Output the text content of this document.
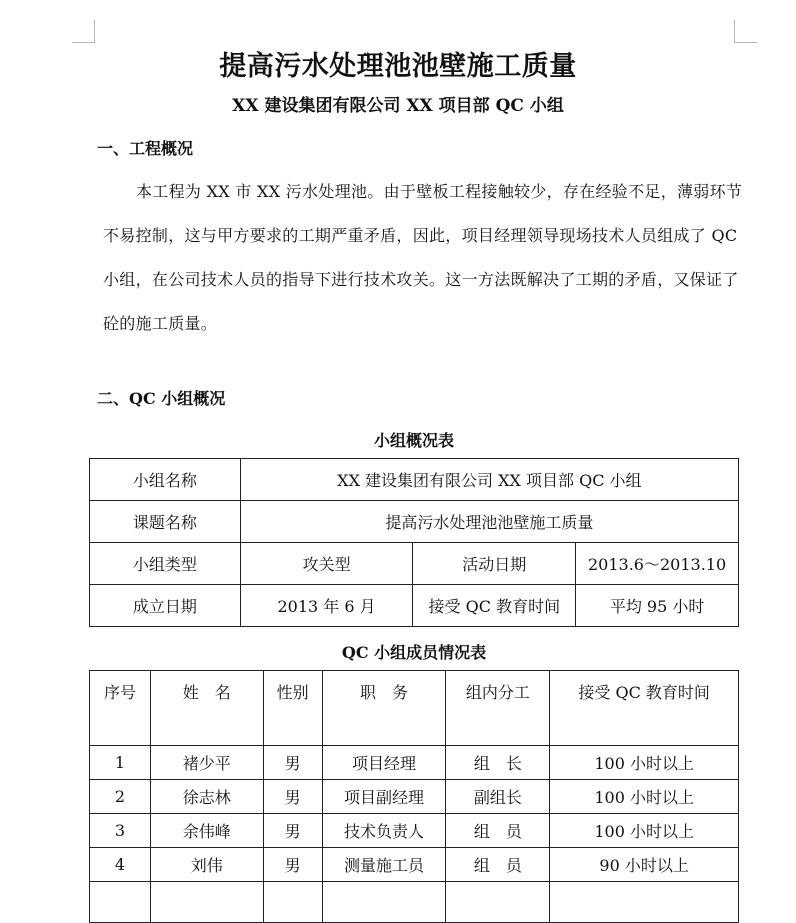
提高污水处理池池壁施工质量
XX 建设集团有限公司 XX 项目部 QC 小组
一、工程概况
本工程为 XX 市 XX 污水处理池。由于壁板工程接触较少，存在经验不足，薄弱环节不易控制，这与甲方要求的工期严重矛盾，因此，项目经理领导现场技术人员组成了 QC 小组，在公司技术人员的指导下进行技术攻关。这一方法既解决了工期的矛盾，又保证了砼的施工质量。
二、QC 小组概况
小组概况表
小组名称	XX 建设集团有限公司 XX 项目部 QC 小组		
课题名称	提高污水处理池池壁施工质量		
小组类型	攻关型	活动日期	2013.6～2013.10
成立日期	2013 年 6 月	接受 QC 教育时间	平均 95 小时
QC 小组成员情况表
序号	姓　名	性别	职　务	组内分工	接受 QC 教育时间
1	褚少平	男	项目经理	组　长	100 小时以上
2	徐志林	男	项目副经理	副组长	100 小时以上
3	余伟峰	男	技术负责人	组　员	100 小时以上
4	刘伟	男	测量施工员	组　员	90 小时以上
